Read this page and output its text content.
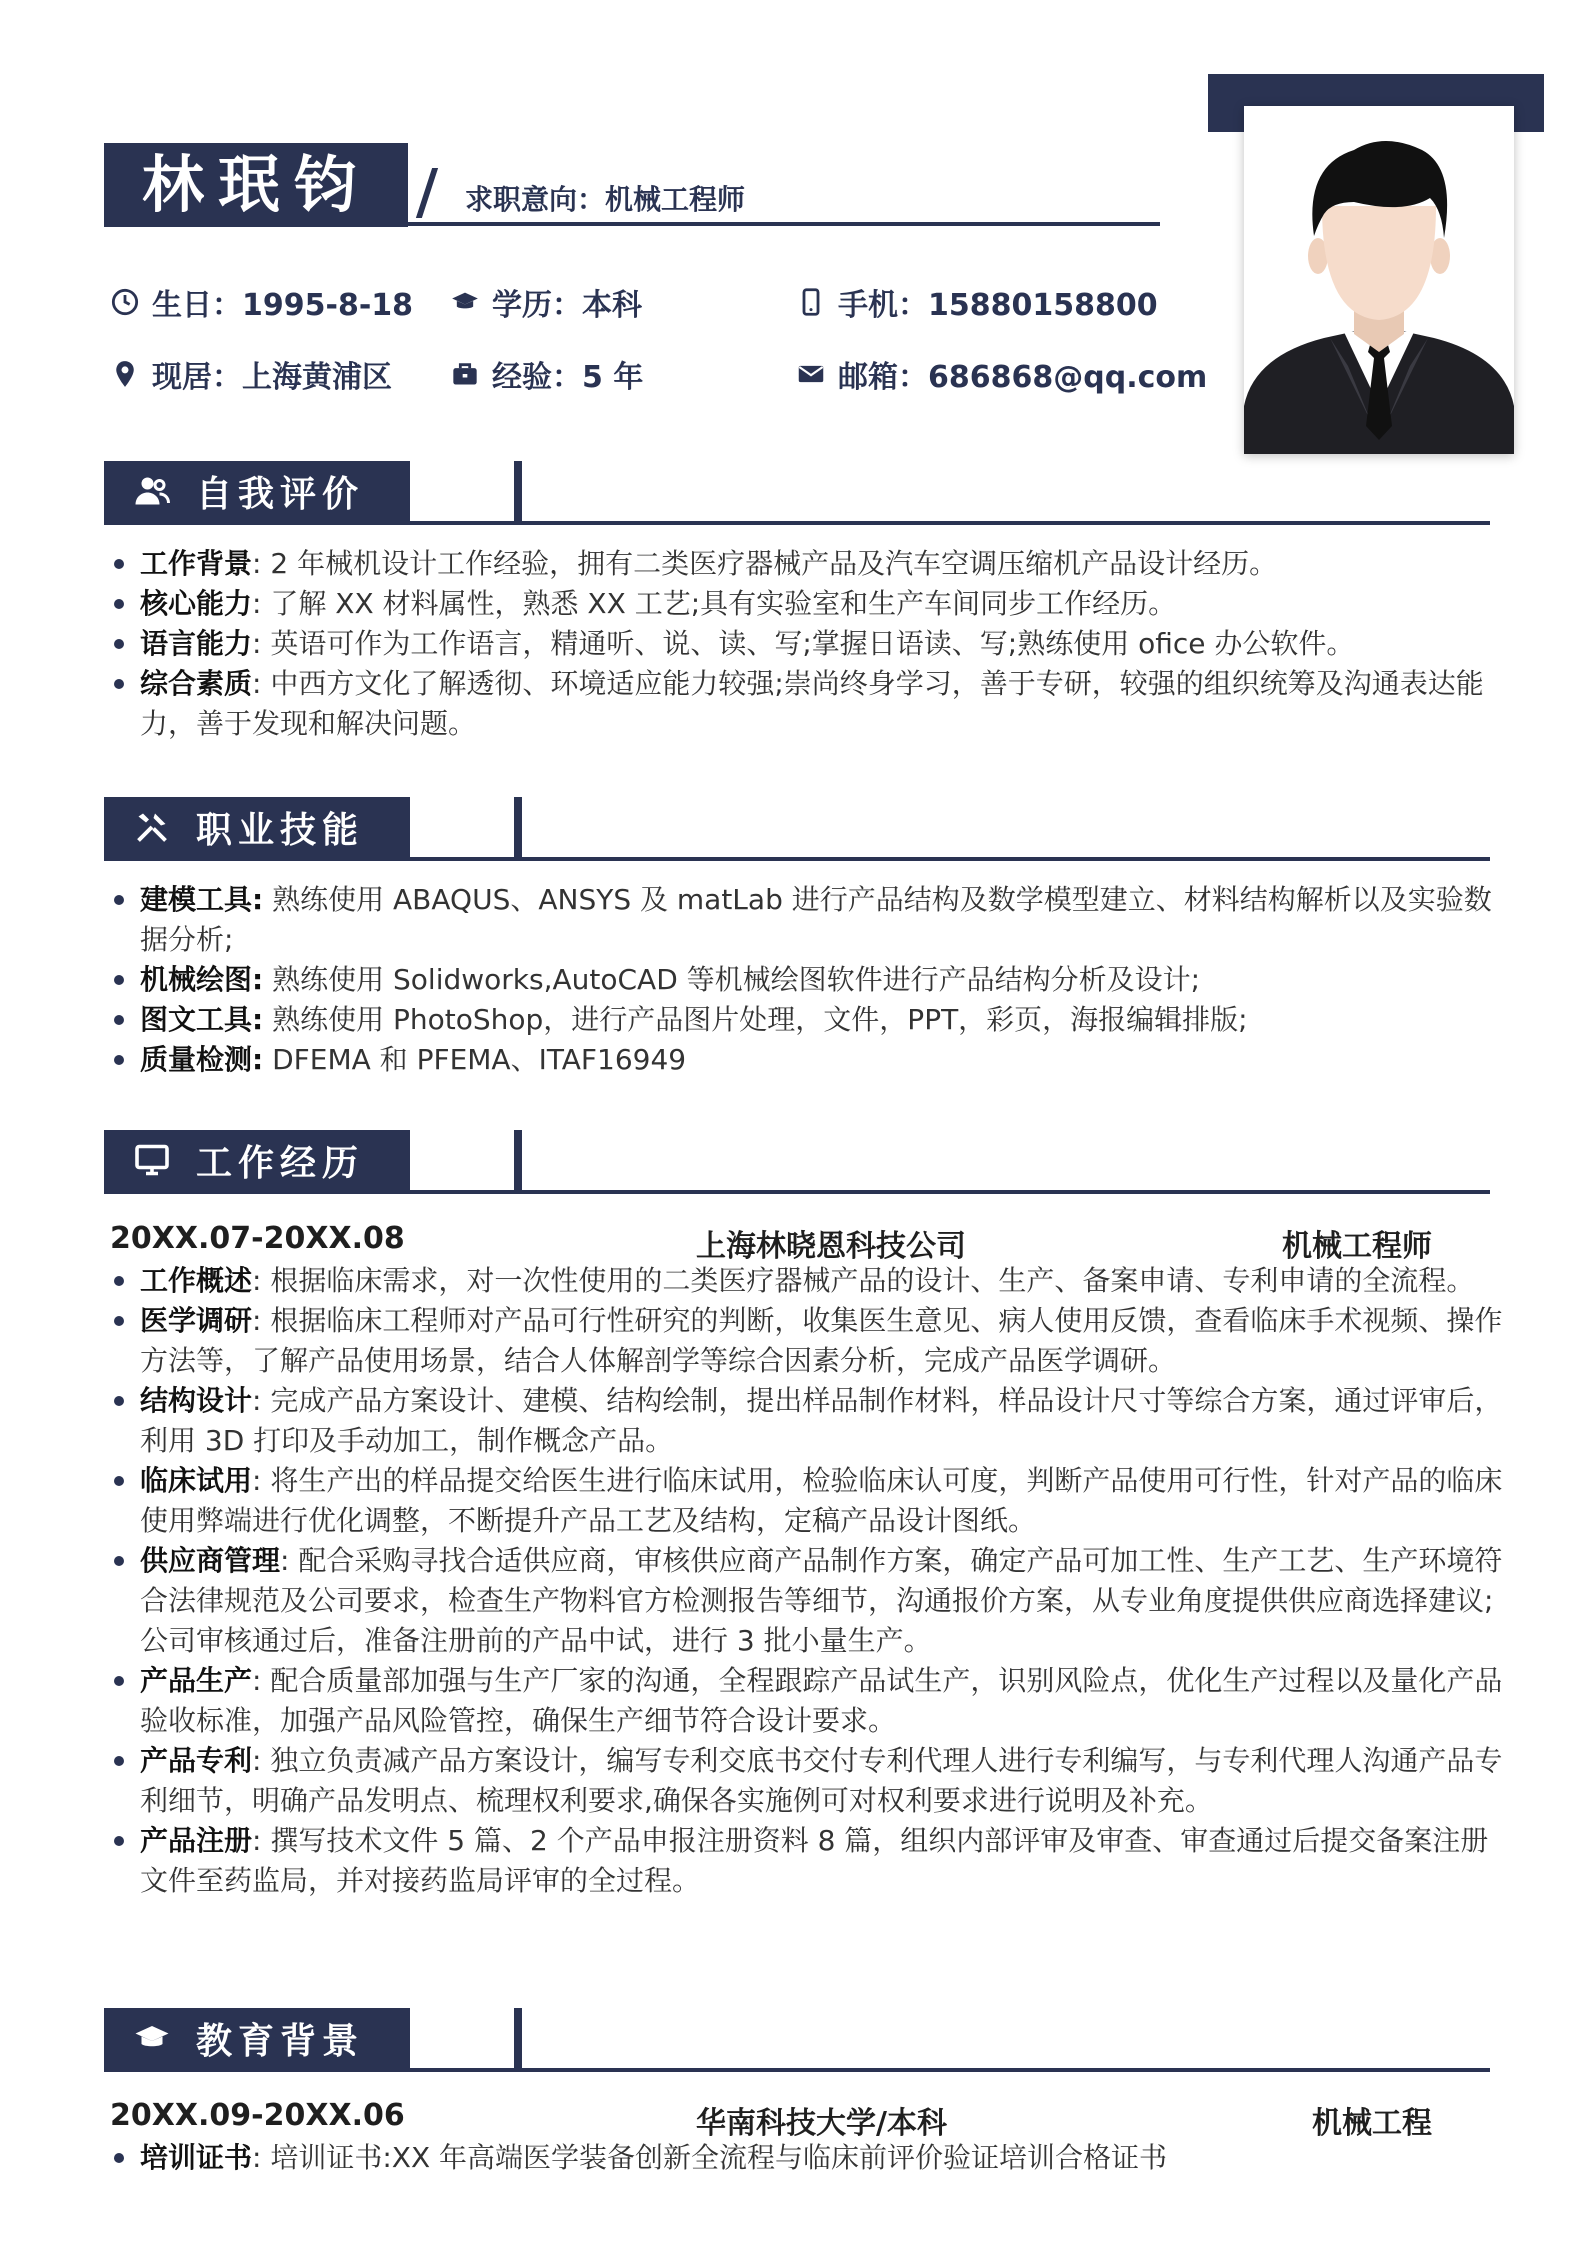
林珉钧	求职意向：机械工程师
生日：1995-8-18	学历：本科	手机：15880158800
现居：上海黄浦区	经验：5 年	邮箱：686868@qq.com
自我评价
工作背景: 2 年械机设计工作经验，拥有二类医疗器械产品及汽车空调压缩机产品设计经历。
核心能力: 了解 XX 材料属性，熟悉 XX 工艺;具有实验室和生产车间同步工作经历。
语言能力: 英语可作为工作语言，精通听、说、读、写;掌握日语读、写;熟练使用 ofice 办公软件。
综合素质: 中西方文化了解透彻、环境适应能力较强;崇尚终身学习，善于专研，较强的组织统筹及沟通表达能力，善于发现和解决问题。
职业技能
建模工具: 熟练使用 ABAQUS、ANSYS 及 matLab 进行产品结构及数学模型建立、材料结构解析以及实验数据分析;
机械绘图: 熟练使用 Solidworks,AutoCAD 等机械绘图软件进行产品结构分析及设计;
图文工具: 熟练使用 PhotoShop，进行产品图片处理，文件，PPT，彩页，海报编辑排版;
质量检测: DFEMA 和 PFEMA、ITAF16949
工作经历
20XX.07-20XX.08	上海林晓恩科技公司	机械工程师
工作概述: 根据临床需求，对一次性使用的二类医疗器械产品的设计、生产、备案申请、专利申请的全流程。
医学调研: 根据临床工程师对产品可行性研究的判断，收集医生意见、病人使用反馈，查看临床手术视频、操作方法等，了解产品使用场景，结合人体解剖学等综合因素分析，完成产品医学调研。
结构设计: 完成产品方案设计、建模、结构绘制，提出样品制作材料，样品设计尺寸等综合方案，通过评审后，利用 3D 打印及手动加工，制作概念产品。
临床试用: 将生产出的样品提交给医生进行临床试用，检验临床认可度，判断产品使用可行性，针对产品的临床使用弊端进行优化调整，不断提升产品工艺及结构，定稿产品设计图纸。
供应商管理: 配合采购寻找合适供应商，审核供应商产品制作方案，确定产品可加工性、生产工艺、生产环境符合法律规范及公司要求，检查生产物料官方检测报告等细节，沟通报价方案，从专业角度提供供应商选择建议;公司审核通过后，准备注册前的产品中试，进行 3 批小量生产。
产品生产: 配合质量部加强与生产厂家的沟通，全程跟踪产品试生产，识别风险点，优化生产过程以及量化产品验收标准，加强产品风险管控，确保生产细节符合设计要求。
产品专利: 独立负责减产品方案设计，编写专利交底书交付专利代理人进行专利编写，与专利代理人沟通产品专利细节，明确产品发明点、梳理权利要求,确保各实施例可对权利要求进行说明及补充。
产品注册: 撰写技术文件 5 篇、2 个产品申报注册资料 8 篇，组织内部评审及审查、审查通过后提交备案注册文件至药监局，并对接药监局评审的全过程。
教育背景
20XX.09-20XX.06	华南科技大学/本科	机械工程
培训证书: 培训证书:XX 年高端医学装备创新全流程与临床前评价验证培训合格证书
